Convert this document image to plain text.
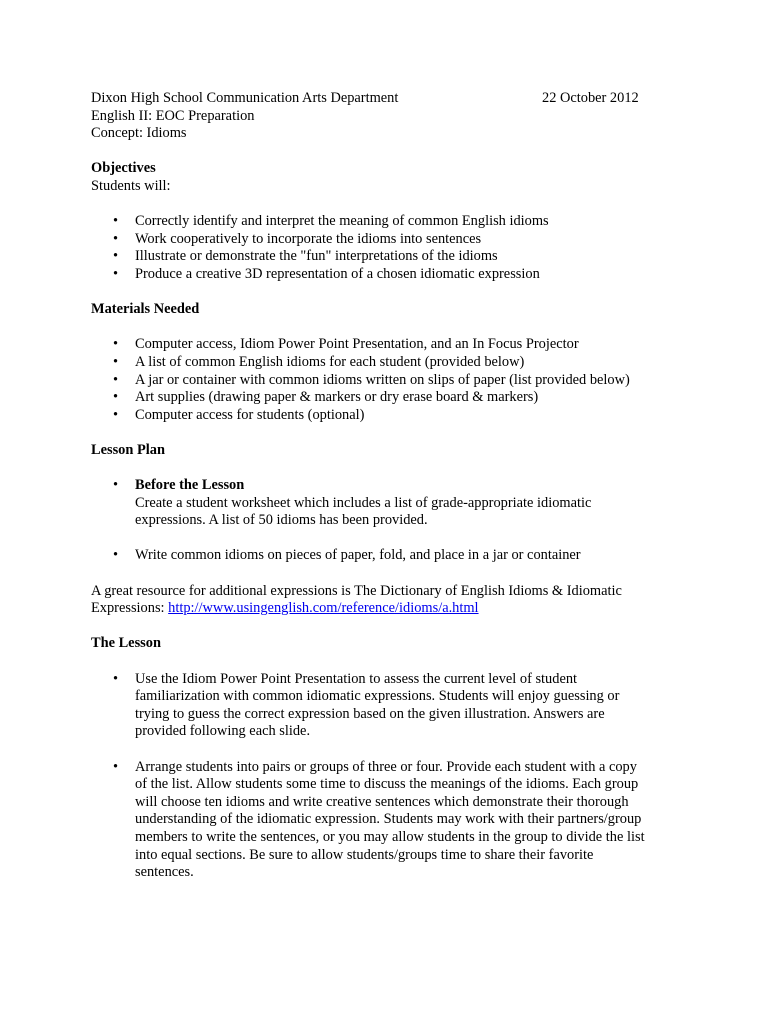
Dixon High School Communication Arts Department	22 October 2012
English II: EOC Preparation
Concept: Idioms
Objectives
Students will:
• Correctly identify and interpret the meaning of common English idioms
• Work cooperatively to incorporate the idioms into sentences
• Illustrate or demonstrate the "fun" interpretations of the idioms
• Produce a creative 3D representation of a chosen idiomatic expression
Materials Needed
• Computer access, Idiom Power Point Presentation, and an In Focus Projector
• A list of common English idioms for each student (provided below)
• A jar or container with common idioms written on slips of paper (list provided below)
• Art supplies (drawing paper & markers or dry erase board & markers)
• Computer access for students (optional)
Lesson Plan
• Before the Lesson
Create a student worksheet which includes a list of grade-appropriate idiomatic
expressions. A list of 50 idioms has been provided.
• Write common idioms on pieces of paper, fold, and place in a jar or container
A great resource for additional expressions is The Dictionary of English Idioms & Idiomatic
Expressions: http://www.usingenglish.com/reference/idioms/a.html
The Lesson
• Use the Idiom Power Point Presentation to assess the current level of student
familiarization with common idiomatic expressions. Students will enjoy guessing or
trying to guess the correct expression based on the given illustration. Answers are
provided following each slide.
• Arrange students into pairs or groups of three or four. Provide each student with a copy
of the list. Allow students some time to discuss the meanings of the idioms. Each group
will choose ten idioms and write creative sentences which demonstrate their thorough
understanding of the idiomatic expression. Students may work with their partners/group
members to write the sentences, or you may allow students in the group to divide the list
into equal sections. Be sure to allow students/groups time to share their favorite
sentences.
